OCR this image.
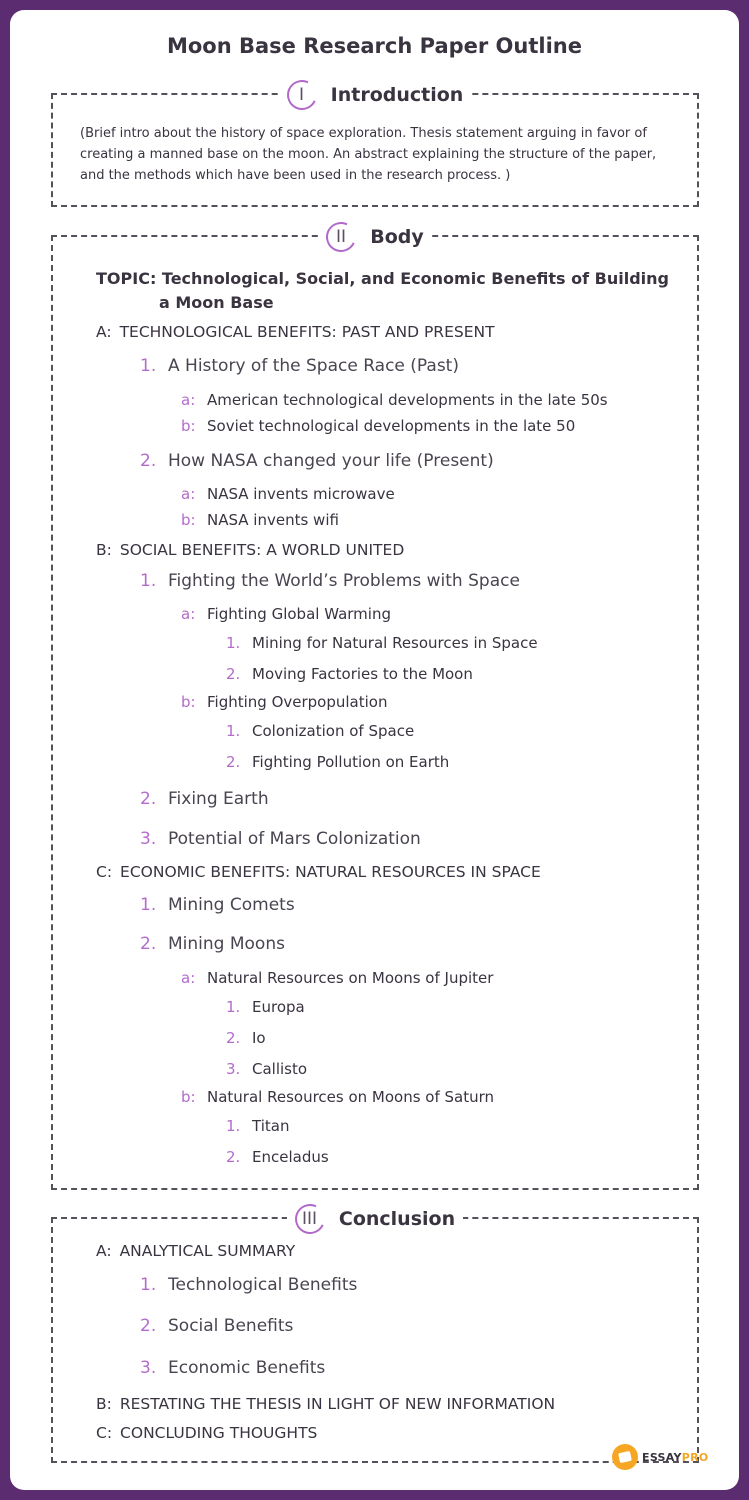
Moon Base Research Paper Outline
I Introduction
(Brief intro about the history of space exploration. Thesis statement arguing in favor of creating a manned base on the moon. An abstract explaining the structure of the paper, and the methods which have been used in the research process. )
II Body
TOPIC: Technological, Social, and Economic Benefits of Building
a Moon Base
A: TECHNOLOGICAL BENEFITS: PAST AND PRESENT
1. A History of the Space Race (Past)
a: American technological developments in the late 50s
b: Soviet technological developments in the late 50
2. How NASA changed your life (Present)
a: NASA invents microwave
b: NASA invents wifi
B: SOCIAL BENEFITS: A WORLD UNITED
1. Fighting the World’s Problems with Space
a: Fighting Global Warming
1. Mining for Natural Resources in Space
2. Moving Factories to the Moon
b: Fighting Overpopulation
1. Colonization of Space
2. Fighting Pollution on Earth
2. Fixing Earth
3. Potential of Mars Colonization
C: ECONOMIC BENEFITS: NATURAL RESOURCES IN SPACE
1. Mining Comets
2. Mining Moons
a: Natural Resources on Moons of Jupiter
1. Europa
2. Io
3. Callisto
b: Natural Resources on Moons of Saturn
1. Titan
2. Enceladus
III Conclusion
A: ANALYTICAL SUMMARY
1. Technological Benefits
2. Social Benefits
3. Economic Benefits
B: RESTATING THE THESIS IN LIGHT OF NEW INFORMATION
C: CONCLUDING THOUGHTS
ESSAYPRO
